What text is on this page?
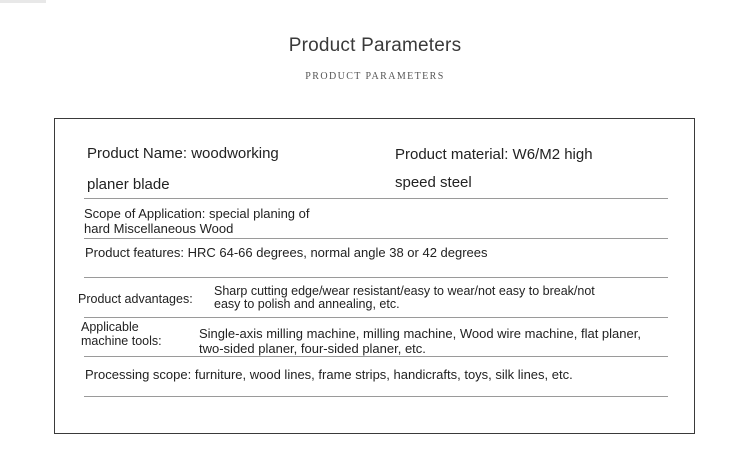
Product Parameters
PRODUCT PARAMETERS
Product Name: woodworking
planer blade
Product material: W6/M2 high
speed steel
Scope of Application: special planing of
hard Miscellaneous Wood
Product features: HRC 64-66 degrees, normal angle 38 or 42 degrees
Product advantages:
Sharp cutting edge/wear resistant/easy to wear/not easy to break/not
easy to polish and annealing, etc.
Applicable
machine tools:	Single-axis milling machine, milling machine, Wood wire machine, flat planer,
two-sided planer, four-sided planer, etc.
Processing scope: furniture, wood lines, frame strips, handicrafts, toys, silk lines, etc.
